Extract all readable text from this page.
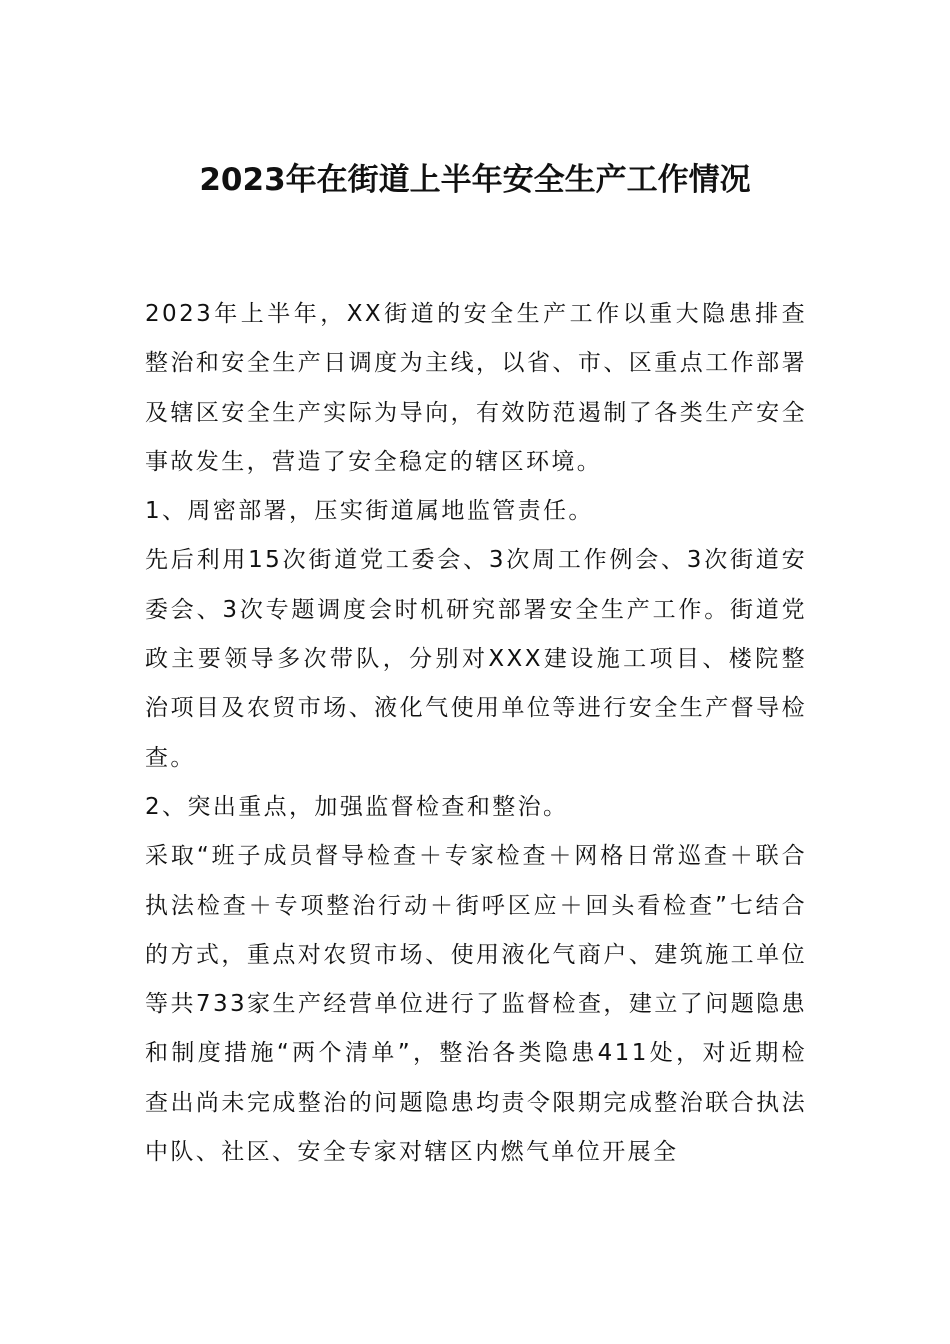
2023年在街道上半年安全生产工作情况

2023年上半年，XX街道的安全生产工作以重大隐患排查整治和安全生产日调度为主线，以省、市、区重点工作部署及辖区安全生产实际为导向，有效防范遏制了各类生产安全事故发生，营造了安全稳定的辖区环境。

1、周密部署，压实街道属地监管责任。

先后利用15次街道党工委会、3次周工作例会、3次街道安委会、3次专题调度会时机研究部署安全生产工作。街道党政主要领导多次带队，分别对XXX建设施工项目、楼院整治项目及农贸市场、液化气使用单位等进行安全生产督导检查。

2、突出重点，加强监督检查和整治。

采取“班子成员督导检查＋专家检查＋网格日常巡查＋联合执法检查＋专项整治行动＋街呼区应＋回头看检查”七结合的方式，重点对农贸市场、使用液化气商户、建筑施工单位等共733家生产经营单位进行了监督检查，建立了问题隐患和制度措施“两个清单”，整治各类隐患411处，对近期检查出尚未完成整治的问题隐患均责令限期完成整治联合执法中队、社区、安全专家对辖区内燃气单位开展全
